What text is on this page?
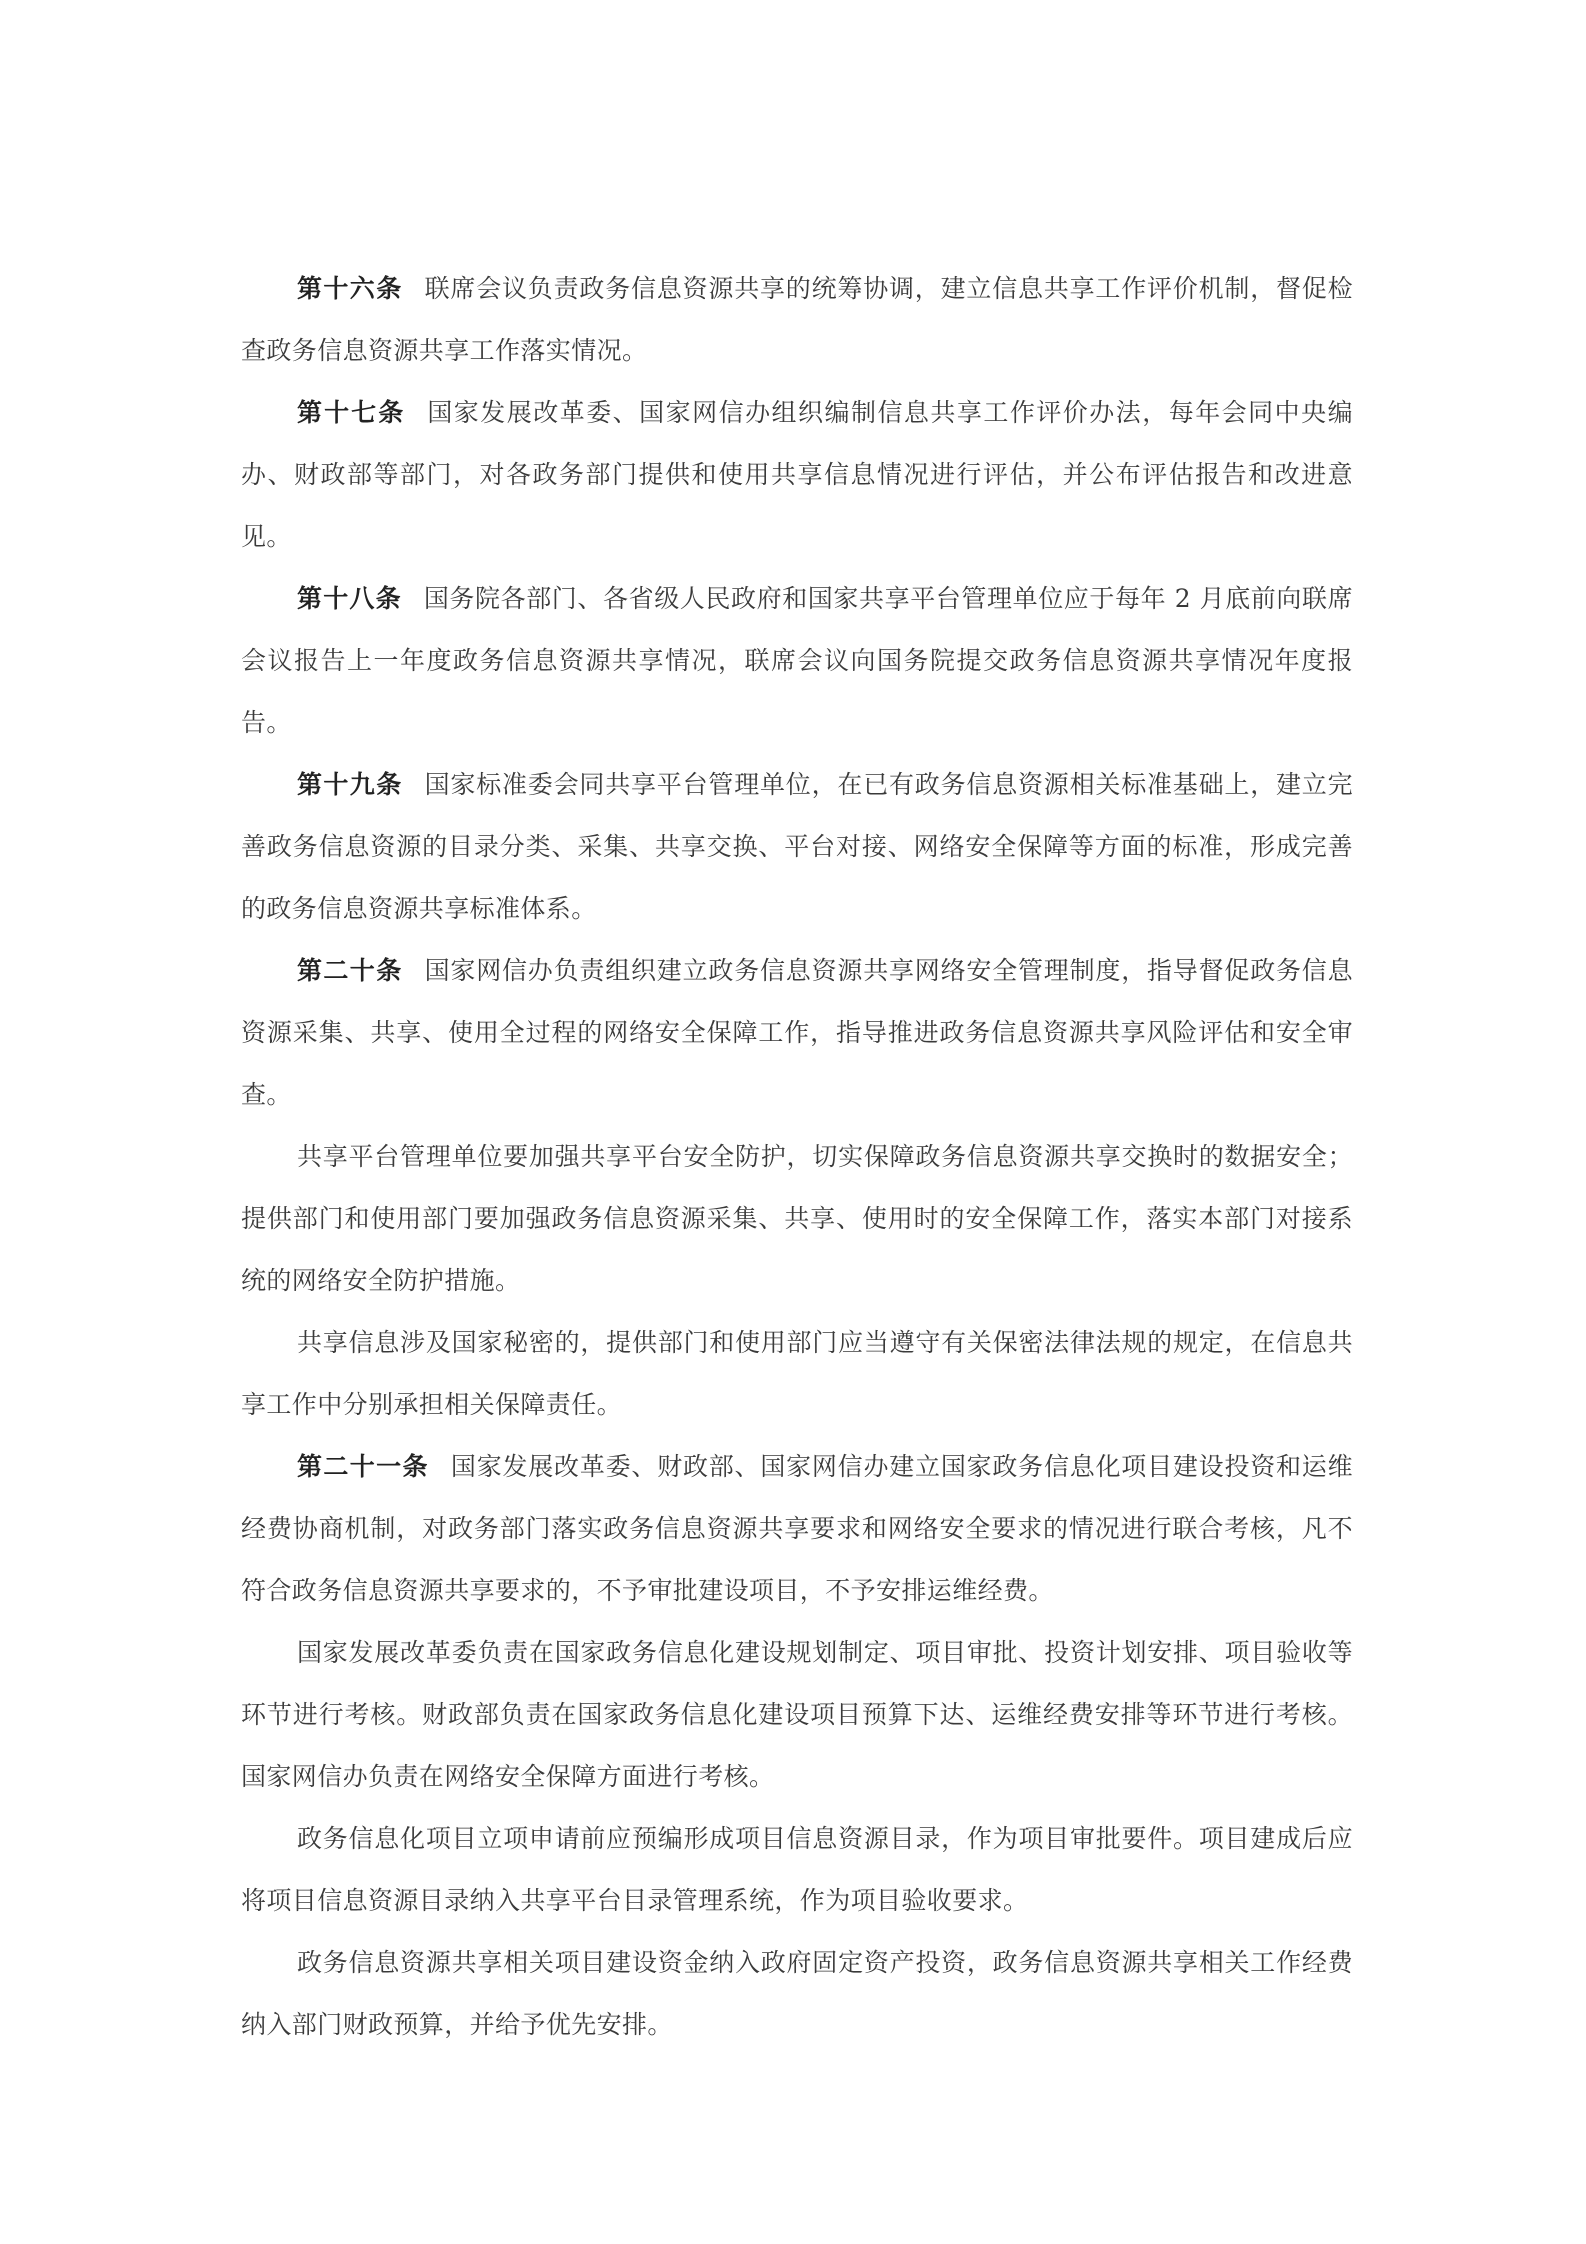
第十六条 联席会议负责政务信息资源共享的统筹协调，建立信息共享工作评价机制，督促检查政务信息资源共享工作落实情况。

第十七条 国家发展改革委、国家网信办组织编制信息共享工作评价办法，每年会同中央编办、财政部等部门，对各政务部门提供和使用共享信息情况进行评估，并公布评估报告和改进意见。

第十八条 国务院各部门、各省级人民政府和国家共享平台管理单位应于每年 2 月底前向联席会议报告上一年度政务信息资源共享情况，联席会议向国务院提交政务信息资源共享情况年度报告。

第十九条 国家标准委会同共享平台管理单位，在已有政务信息资源相关标准基础上，建立完善政务信息资源的目录分类、采集、共享交换、平台对接、网络安全保障等方面的标准，形成完善的政务信息资源共享标准体系。

第二十条 国家网信办负责组织建立政务信息资源共享网络安全管理制度，指导督促政务信息资源采集、共享、使用全过程的网络安全保障工作，指导推进政务信息资源共享风险评估和安全审查。

共享平台管理单位要加强共享平台安全防护，切实保障政务信息资源共享交换时的数据安全；提供部门和使用部门要加强政务信息资源采集、共享、使用时的安全保障工作，落实本部门对接系统的网络安全防护措施。

共享信息涉及国家秘密的，提供部门和使用部门应当遵守有关保密法律法规的规定，在信息共享工作中分别承担相关保障责任。

第二十一条 国家发展改革委、财政部、国家网信办建立国家政务信息化项目建设投资和运维经费协商机制，对政务部门落实政务信息资源共享要求和网络安全要求的情况进行联合考核，凡不符合政务信息资源共享要求的，不予审批建设项目，不予安排运维经费。

国家发展改革委负责在国家政务信息化建设规划制定、项目审批、投资计划安排、项目验收等环节进行考核。财政部负责在国家政务信息化建设项目预算下达、运维经费安排等环节进行考核。国家网信办负责在网络安全保障方面进行考核。

政务信息化项目立项申请前应预编形成项目信息资源目录，作为项目审批要件。项目建成后应将项目信息资源目录纳入共享平台目录管理系统，作为项目验收要求。

政务信息资源共享相关项目建设资金纳入政府固定资产投资，政务信息资源共享相关工作经费纳入部门财政预算，并给予优先安排。
